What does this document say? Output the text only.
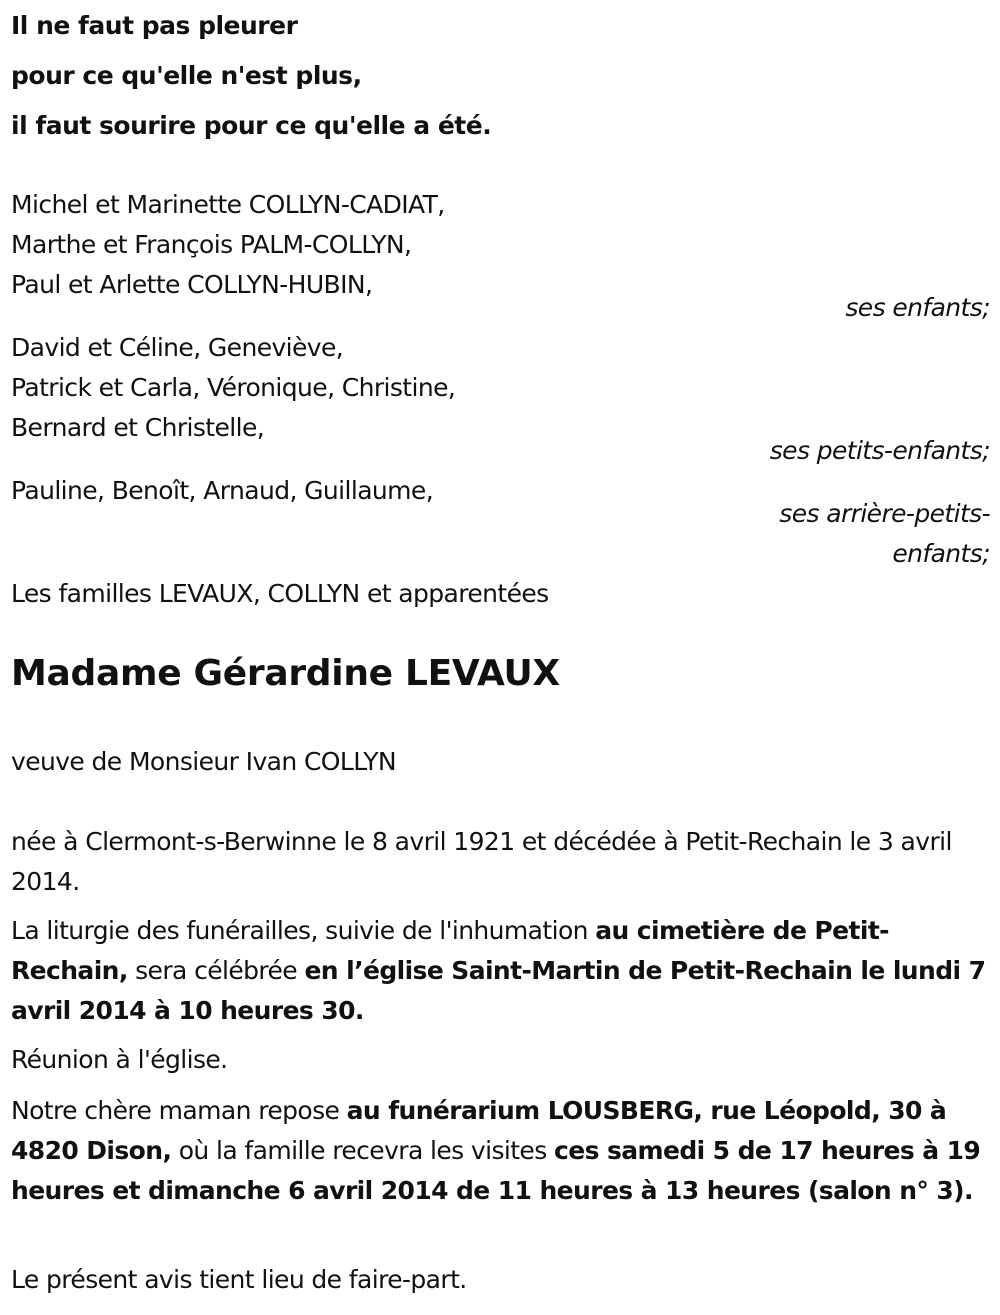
Il ne faut pas pleurer

pour ce qu'elle n'est plus,

il faut sourire pour ce qu'elle a été.

Michel et Marinette COLLYN-CADIAT,

Marthe et François PALM-COLLYN,

Paul et Arlette COLLYN-HUBIN,

ses enfants;

David et Céline, Geneviève,

Patrick et Carla, Véronique, Christine,

Bernard et Christelle,

ses petits-enfants;

Pauline, Benoît, Arnaud, Guillaume,

ses arrière-petits-

enfants;

Les familles LEVAUX, COLLYN et apparentées

Madame Gérardine LEVAUX

veuve de Monsieur Ivan COLLYN

née à Clermont-s-Berwinne le 8 avril 1921 et décédée à Petit-Rechain le 3 avril 2014.

La liturgie des funérailles, suivie de l'inhumation au cimetière de Petit-Rechain, sera célébrée en l’église Saint-Martin de Petit-Rechain le lundi 7 avril 2014 à 10 heures 30.

Réunion à l'église.

Notre chère maman repose au funérarium LOUSBERG, rue Léopold, 30 à 4820 Dison, où la famille recevra les visites ces samedi 5 de 17 heures à 19 heures et dimanche 6 avril 2014 de 11 heures à 13 heures (salon n° 3).

Le présent avis tient lieu de faire-part.
